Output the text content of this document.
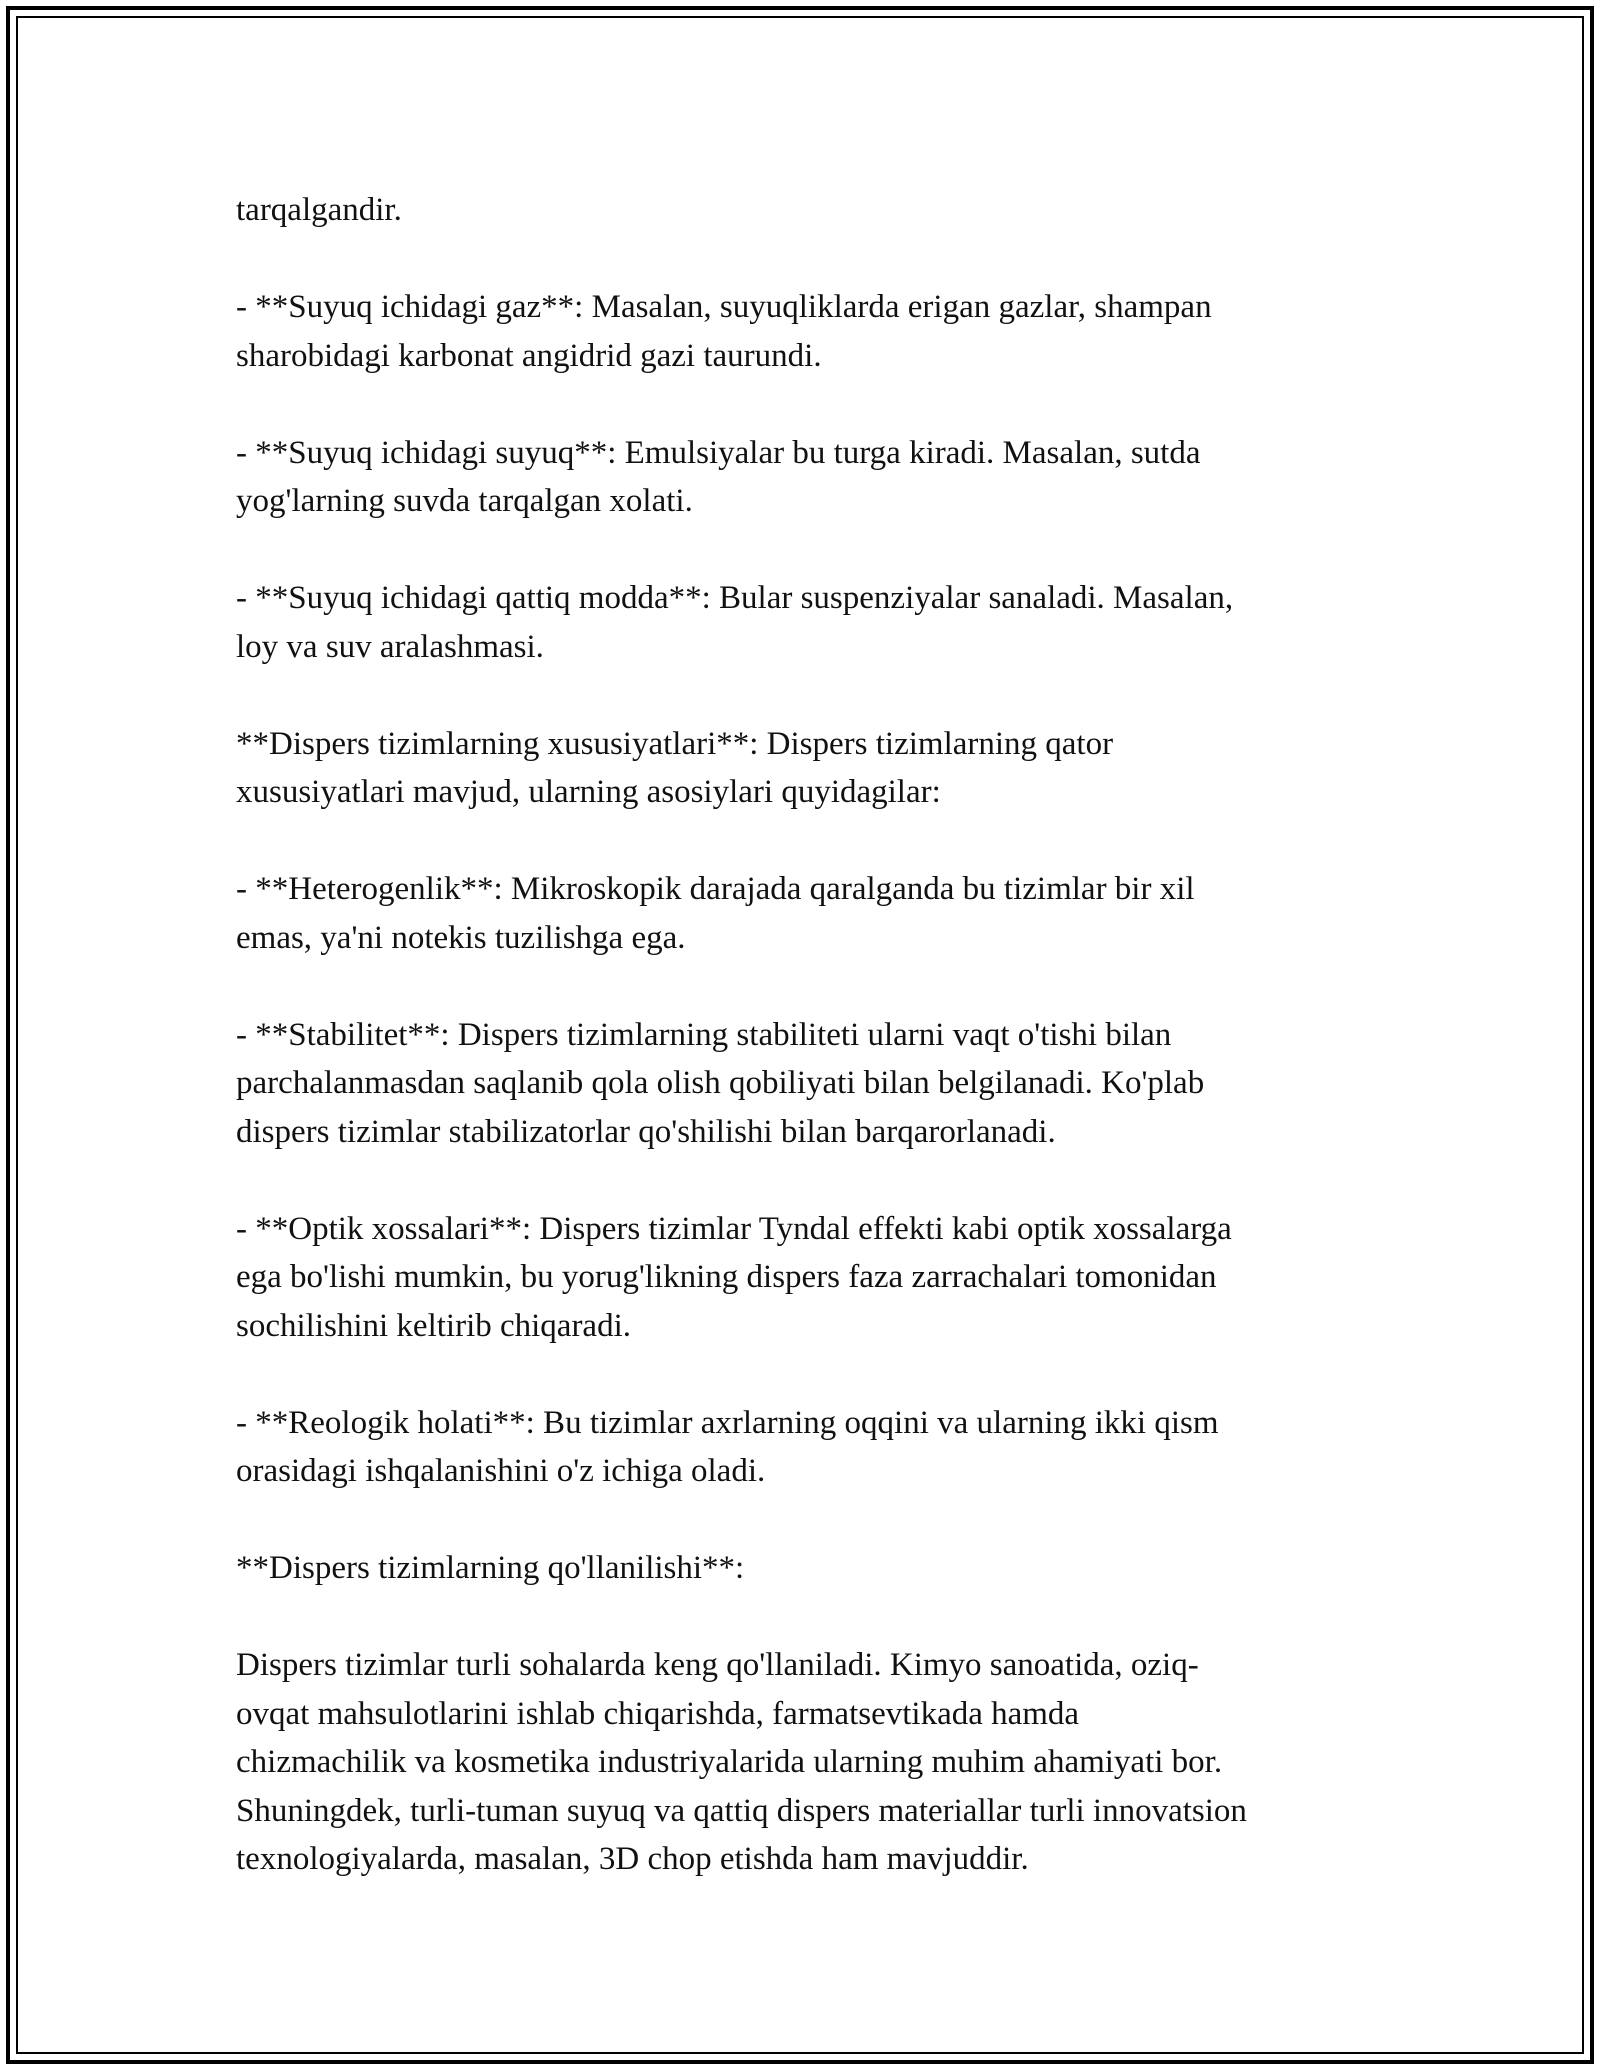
tarqalgandir.

- **Suyuq ichidagi gaz**: Masalan, suyuqliklarda erigan gazlar, shampan
sharobidagi karbonat angidrid gazi taurundi.

- **Suyuq ichidagi suyuq**: Emulsiyalar bu turga kiradi. Masalan, sutda
yog'larning suvda tarqalgan xolati.

- **Suyuq ichidagi qattiq modda**: Bular suspenziyalar sanaladi. Masalan,
loy va suv aralashmasi.

**Dispers tizimlarning xususiyatlari**: Dispers tizimlarning qator
xususiyatlari mavjud, ularning asosiylari quyidagilar:

- **Heterogenlik**: Mikroskopik darajada qaralganda bu tizimlar bir xil
emas, ya'ni notekis tuzilishga ega.

- **Stabilitet**: Dispers tizimlarning stabiliteti ularni vaqt o'tishi bilan
parchalanmasdan saqlanib qola olish qobiliyati bilan belgilanadi. Ko'plab
dispers tizimlar stabilizatorlar qo'shilishi bilan barqarorlanadi.

- **Optik xossalari**: Dispers tizimlar Tyndal effekti kabi optik xossalarga
ega bo'lishi mumkin, bu yorug'likning dispers faza zarrachalari tomonidan
sochilishini keltirib chiqaradi.

- **Reologik holati**: Bu tizimlar axrlarning oqqini va ularning ikki qism
orasidagi ishqalanishini o'z ichiga oladi.

**Dispers tizimlarning qo'llanilishi**:

Dispers tizimlar turli sohalarda keng qo'llaniladi. Kimyo sanoatida, oziq-
ovqat mahsulotlarini ishlab chiqarishda, farmatsevtikada hamda
chizmachilik va kosmetika industriyalarida ularning muhim ahamiyati bor.
Shuningdek, turli-tuman suyuq va qattiq dispers materiallar turli innovatsion
texnologiyalarda, masalan, 3D chop etishda ham mavjuddir.
